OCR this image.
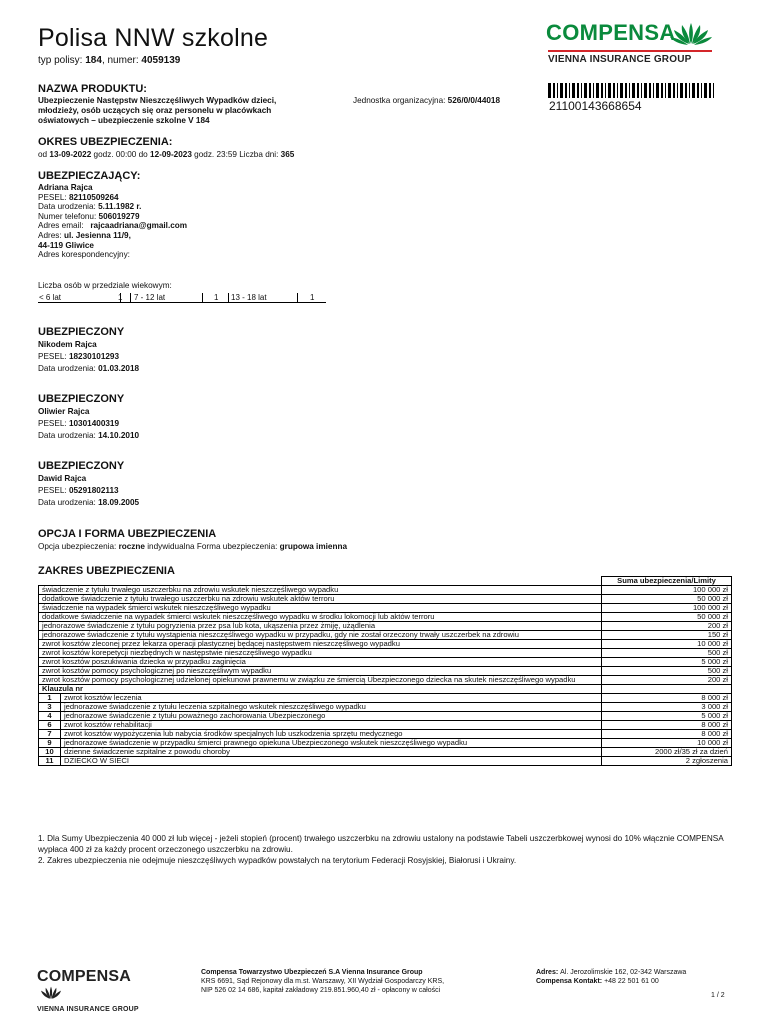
Polisa NNW szkolne
typ polisy: 184, numer: 4059139
COMPENSA
VIENNA INSURANCE GROUP
21100143668654
NAZWA PRODUKTU:
Ubezpieczenie Następstw Nieszczęśliwych Wypadków dzieci, młodzieży, osób uczących się oraz personelu w placówkach oświatowych – ubezpieczenie szkolne V 184
Jednostka organizacyjna: 526/0/0/44018
OKRES UBEZPIECZENIA:
od 13-09-2022 godz. 00:00 do 12-09-2023 godz. 23:59 Liczba dni: 365
UBEZPIECZAJĄCY:
Adriana Rajca
PESEL: 82110509264
Data urodzenia: 5.11.1982 r.
Numer telefonu: 506019279
Adres email:   rajcaadriana@gmail.com
Adres: ul. Jesienna 11/9,
44-119 Gliwice
Adres korespondencyjny:
Liczba osób w przedziale wiekowym:
< 6 lat	1	7 - 12 lat	1 13 - 18 lat	1
UBEZPIECZONY
Nikodem Rajca
PESEL: 18230101293
Data urodzenia: 01.03.2018
UBEZPIECZONY
Oliwier Rajca
PESEL: 10301400319
Data urodzenia: 14.10.2010
UBEZPIECZONY
Dawid Rajca
PESEL: 05291802113
Data urodzenia: 18.09.2005
OPCJA I FORMA UBEZPIECZENIA
Opcja ubezpieczenia: roczne indywidualna Forma ubezpieczenia: grupowa imienna
ZAKRES UBEZPIECZENIA
		Suma ubezpieczenia/Limity
świadczenie z tytułu trwałego uszczerbku na zdrowiu wskutek nieszczęśliwego wypadku		100 000 zł
dodatkowe świadczenie z tytułu trwałego uszczerbku na zdrowiu wskutek aktów terroru		50 000 zł
świadczenie na wypadek śmierci wskutek nieszczęśliwego wypadku		100 000 zł
dodatkowe świadczenie na wypadek śmierci wskutek nieszczęśliwego wypadku w środku lokomocji lub aktów terroru		50 000 zł
jednorazowe świadczenie z tytułu pogryzienia przez psa lub kota, ukąszenia przez żmiję, użądlenia		200 zł
jednorazowe świadczenie z tytułu wystąpienia nieszczęśliwego wypadku w przypadku, gdy nie został orzeczony trwały uszczerbek na zdrowiu		150 zł
zwrot kosztów zleconej przez lekarza operacji plastycznej będącej następstwem nieszczęśliwego wypadku		10 000 zł
zwrot kosztów korepetycji niezbędnych w następstwie nieszczęśliwego wypadku		500 zł
zwrot kosztów poszukiwania dziecka w przypadku zaginięcia		5 000 zł
zwrot kosztów pomocy psychologicznej po nieszczęśliwym wypadku		500 zł
zwrot kosztów pomocy psychologicznej udzielonej opiekunowi prawnemu w związku ze śmiercią Ubezpieczonego dziecka na skutek nieszczęśliwego wypadku		200 zł
Klauzula nr		
1	zwrot kosztów leczenia	8 000 zł
3	jednorazowe świadczenie z tytułu leczenia szpitalnego wskutek nieszczęśliwego wypadku	3 000 zł
4	jednorazowe świadczenie z tytułu poważnego zachorowania Ubezpieczonego	5 000 zł
6	zwrot kosztów rehabilitacji	8 000 zł
7	zwrot kosztów wypożyczenia lub nabycia środków specjalnych lub uszkodzenia sprzętu medycznego	8 000 zł
9	jednorazowe świadczenie w przypadku śmierci prawnego opiekuna Ubezpieczonego wskutek nieszczęśliwego wypadku	10 000 zł
10	dzienne świadczenie szpitalne z powodu choroby	2000 zł/35 zł za dzień
11	DZIECKO W SIECI	2 zgłoszenia
1. Dla Sumy Ubezpieczenia 40 000 zł lub więcej - jeżeli stopień (procent) trwałego uszczerbku na zdrowiu ustalony na podstawie Tabeli uszczerbkowej wynosi do 10% włącznie COMPENSA wypłaca 400 zł za każdy procent orzeczonego uszczerbku na zdrowiu.
2. Zakres ubezpieczenia nie odejmuje nieszczęśliwych wypadków powstałych na terytorium Federacji Rosyjskiej, Białorusi i Ukrainy.
COMPENSA
VIENNA INSURANCE GROUP
Compensa Towarzystwo Ubezpieczeń S.A Vienna Insurance Group
KRS 6691, Sąd Rejonowy dla m.st. Warszawy, XII Wydział Gospodarczy KRS,
NIP 526 02 14 686, kapitał zakładowy 219.851.960,40 zł - opłacony w całości
Adres: Al. Jerozolimskie 162, 02-342 Warszawa
Compensa Kontakt: +48 22 501 61 00
1 / 2
